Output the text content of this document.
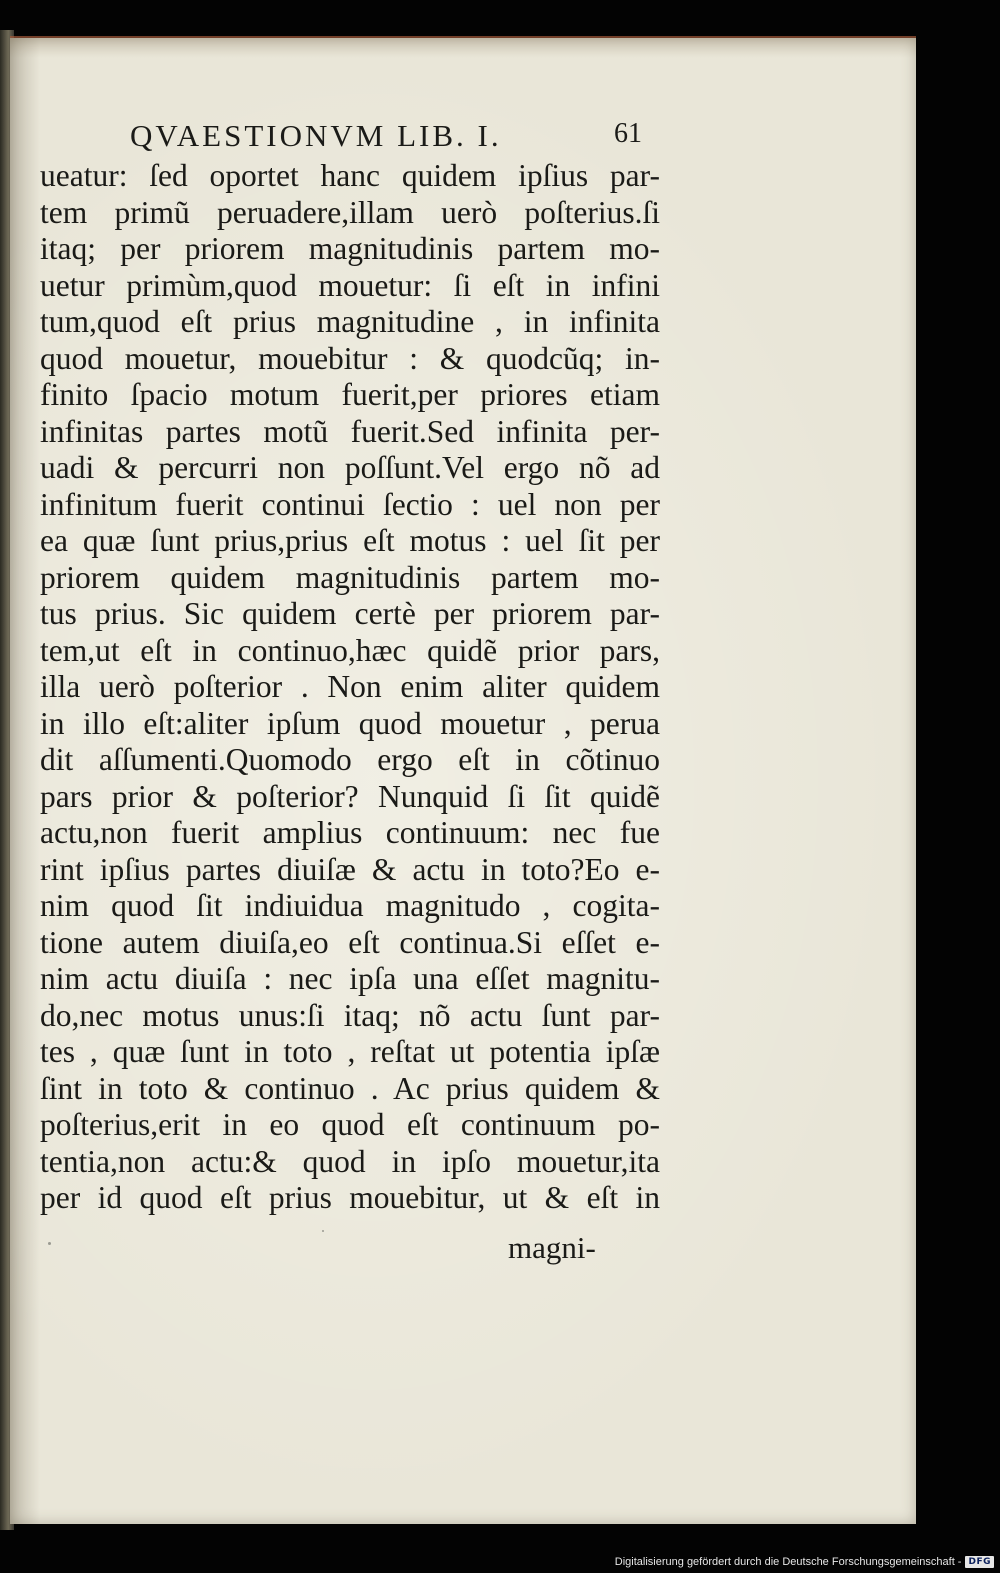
QVAESTIONVM LIB. I.	61
ueatur: ſed oportet hanc quidem ipſius par-
tem primũ peruadere,illam uerò poſterius.ſi
itaq; per priorem magnitudinis partem mo-
uetur primùm,quod mouetur: ſi eſt in infini
tum,quod eſt prius magnitudine , in infinita
quod mouetur, mouebitur : & quodcũq; in-
finito ſpacio motum fuerit,per priores etiam
infinitas partes motũ fuerit.Sed infinita per-
uadi & percurri non poſſunt.Vel ergo nõ ad
infinitum fuerit continui ſectio : uel non per
ea quæ ſunt prius,prius eſt motus : uel ſit per
priorem quidem magnitudinis partem mo-
tus prius. Sic quidem certè per priorem par-
tem,ut eſt in continuo,hæc quidẽ prior pars,
illa uerò poſterior . Non enim aliter quidem
in illo eſt:aliter ipſum quod mouetur , perua
dit aſſumenti.Quomodo ergo eſt in cõtinuo
pars prior & poſterior? Nunquid ſi ſit quidẽ
actu,non fuerit amplius continuum: nec fue
rint ipſius partes diuiſæ & actu in toto?Eo e-
nim quod ſit indiuidua magnitudo , cogita-
tione autem diuiſa,eo eſt continua.Si eſſet e-
nim actu diuiſa : nec ipſa una eſſet magnitu-
do,nec motus unus:ſi itaq; nõ actu ſunt par-
tes , quæ ſunt in toto , reſtat ut potentia ipſæ
ſint in toto & continuo . Ac prius quidem &
poſterius,erit in eo quod eſt continuum po-
tentia,non actu:& quod in ipſo mouetur,ita
per id quod eſt prius mouebitur, ut & eſt in
magni-
Digitalisierung gefördert durch die Deutsche Forschungsgemeinschaft - DFG
